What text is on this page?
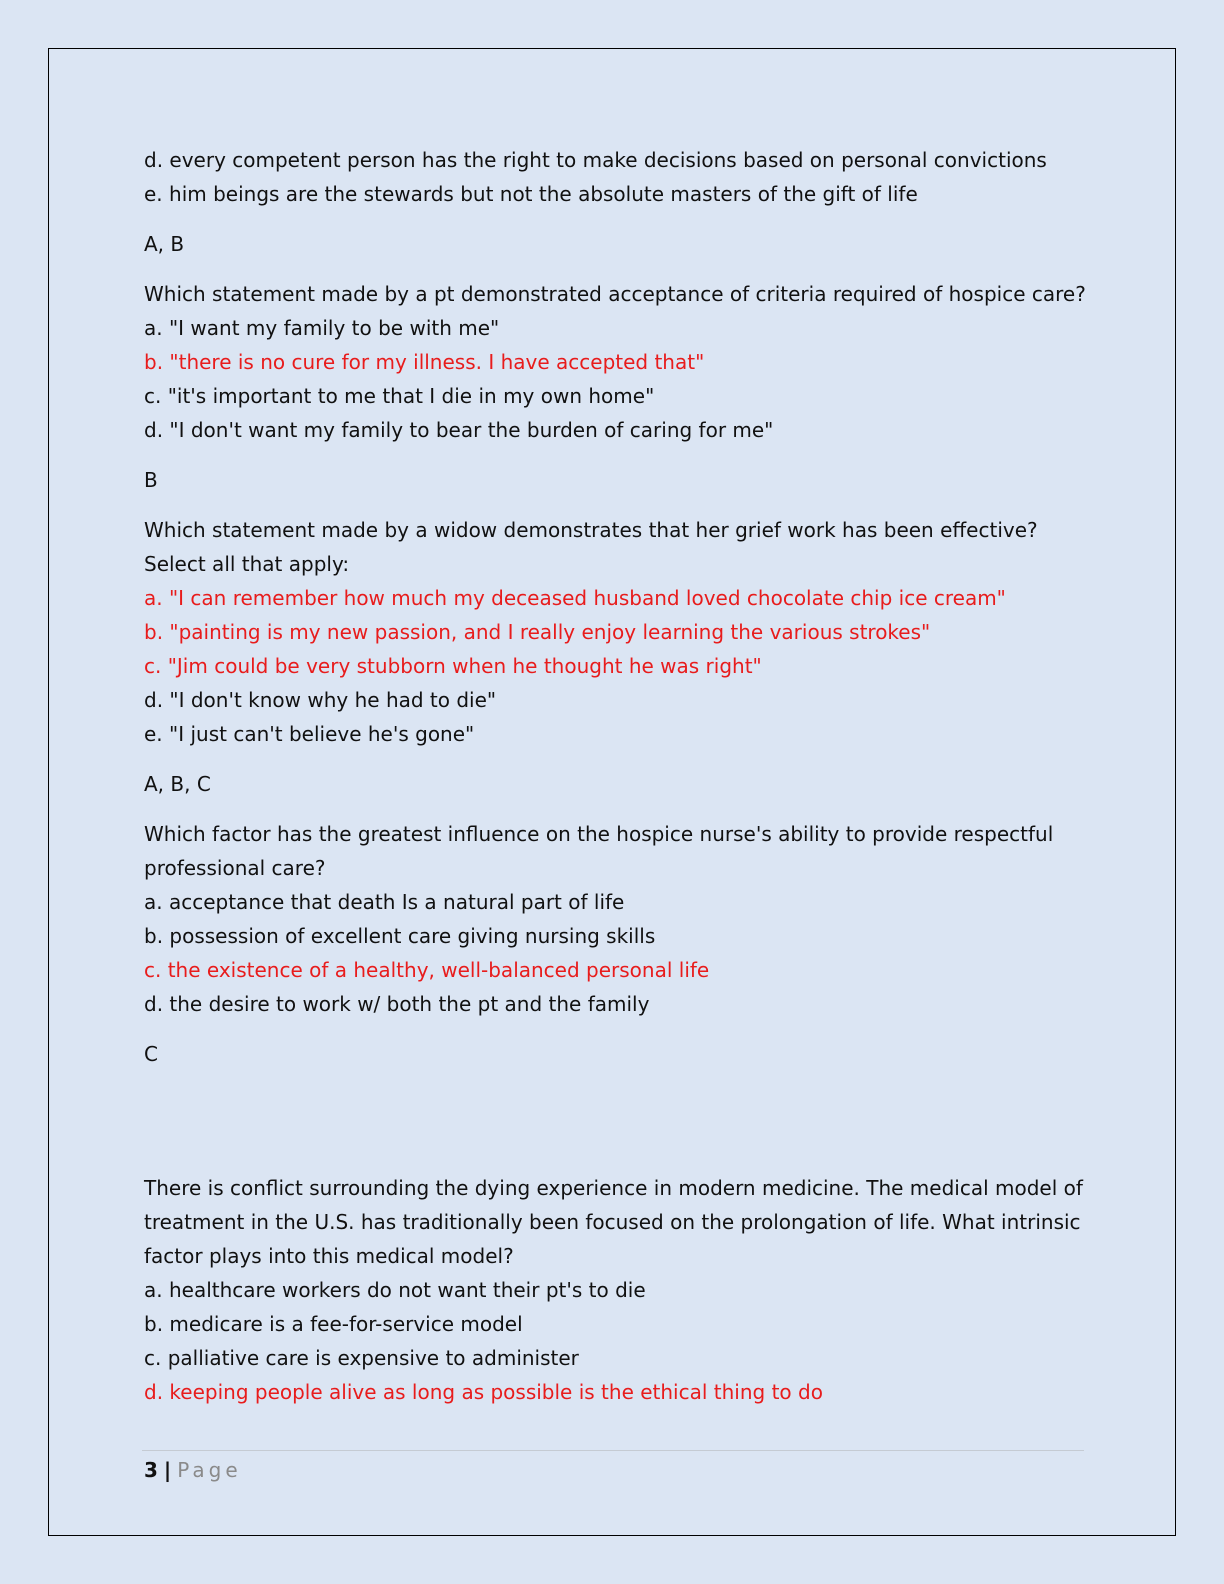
d. every competent person has the right to make decisions based on personal convictions

e. him beings are the stewards but not the absolute masters of the gift of life

A, B

Which statement made by a pt demonstrated acceptance of criteria required of hospice care?

a. "I want my family to be with me"

b. "there is no cure for my illness. I have accepted that"

c. "it's important to me that I die in my own home"

d. "I don't want my family to bear the burden of caring for me"

B

Which statement made by a widow demonstrates that her grief work has been effective? Select all that apply:

a. "I can remember how much my deceased husband loved chocolate chip ice cream"

b. "painting is my new passion, and I really enjoy learning the various strokes"

c. "Jim could be very stubborn when he thought he was right"

d. "I don't know why he had to die"

e. "I just can't believe he's gone"

A, B, C

Which factor has the greatest influence on the hospice nurse's ability to provide respectful professional care?

a. acceptance that death Is a natural part of life

b. possession of excellent care giving nursing skills

c. the existence of a healthy, well-balanced personal life

d. the desire to work w/ both the pt and the family

C

There is conflict surrounding the dying experience in modern medicine. The medical model of treatment in the U.S. has traditionally been focused on the prolongation of life. What intrinsic factor plays into this medical model?

a. healthcare workers do not want their pt's to die

b. medicare is a fee-for-service model

c. palliative care is expensive to administer

d. keeping people alive as long as possible is the ethical thing to do

3 | Page
